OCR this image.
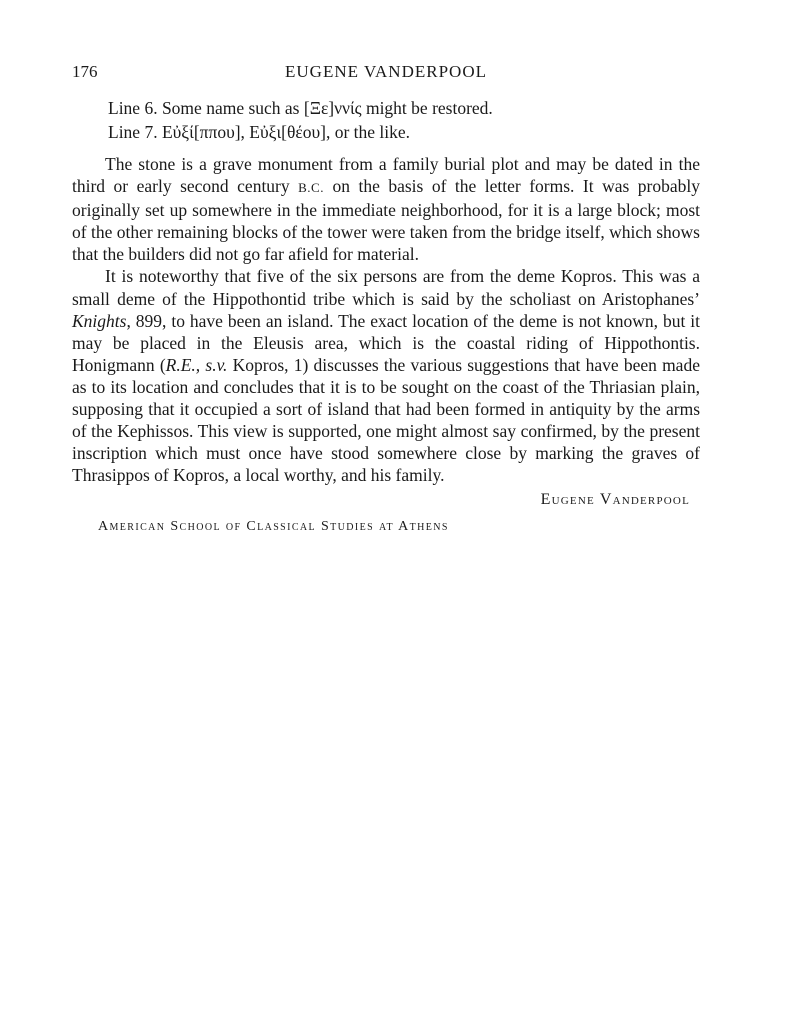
176	EUGENE VANDERPOOL
Line 6. Some name such as [Ξε]ννίς might be restored.
Line 7. Εὐξί[ππου], Εὐξι[θέου], or the like.

The stone is a grave monument from a family burial plot and may be dated in the third or early second century B.C. on the basis of the letter forms. It was probably originally set up somewhere in the immediate neighborhood, for it is a large block; most of the other remaining blocks of the tower were taken from the bridge itself, which shows that the builders did not go far afield for material.

It is noteworthy that five of the six persons are from the deme Kopros. This was a small deme of the Hippothontid tribe which is said by the scholiast on Aristophanes’ Knights, 899, to have been an island. The exact location of the deme is not known, but it may be placed in the Eleusis area, which is the coastal riding of Hippothontis. Honigmann (R.E., s.v. Kopros, 1) discusses the various suggestions that have been made as to its location and concludes that it is to be sought on the coast of the Thriasian plain, supposing that it occupied a sort of island that had been formed in antiquity by the arms of the Kephissos. This view is supported, one might almost say confirmed, by the present inscription which must once have stood somewhere close by marking the graves of Thrasippos of Kopros, a local worthy, and his family.

Eugene Vanderpool
American School of Classical Studies at Athens
